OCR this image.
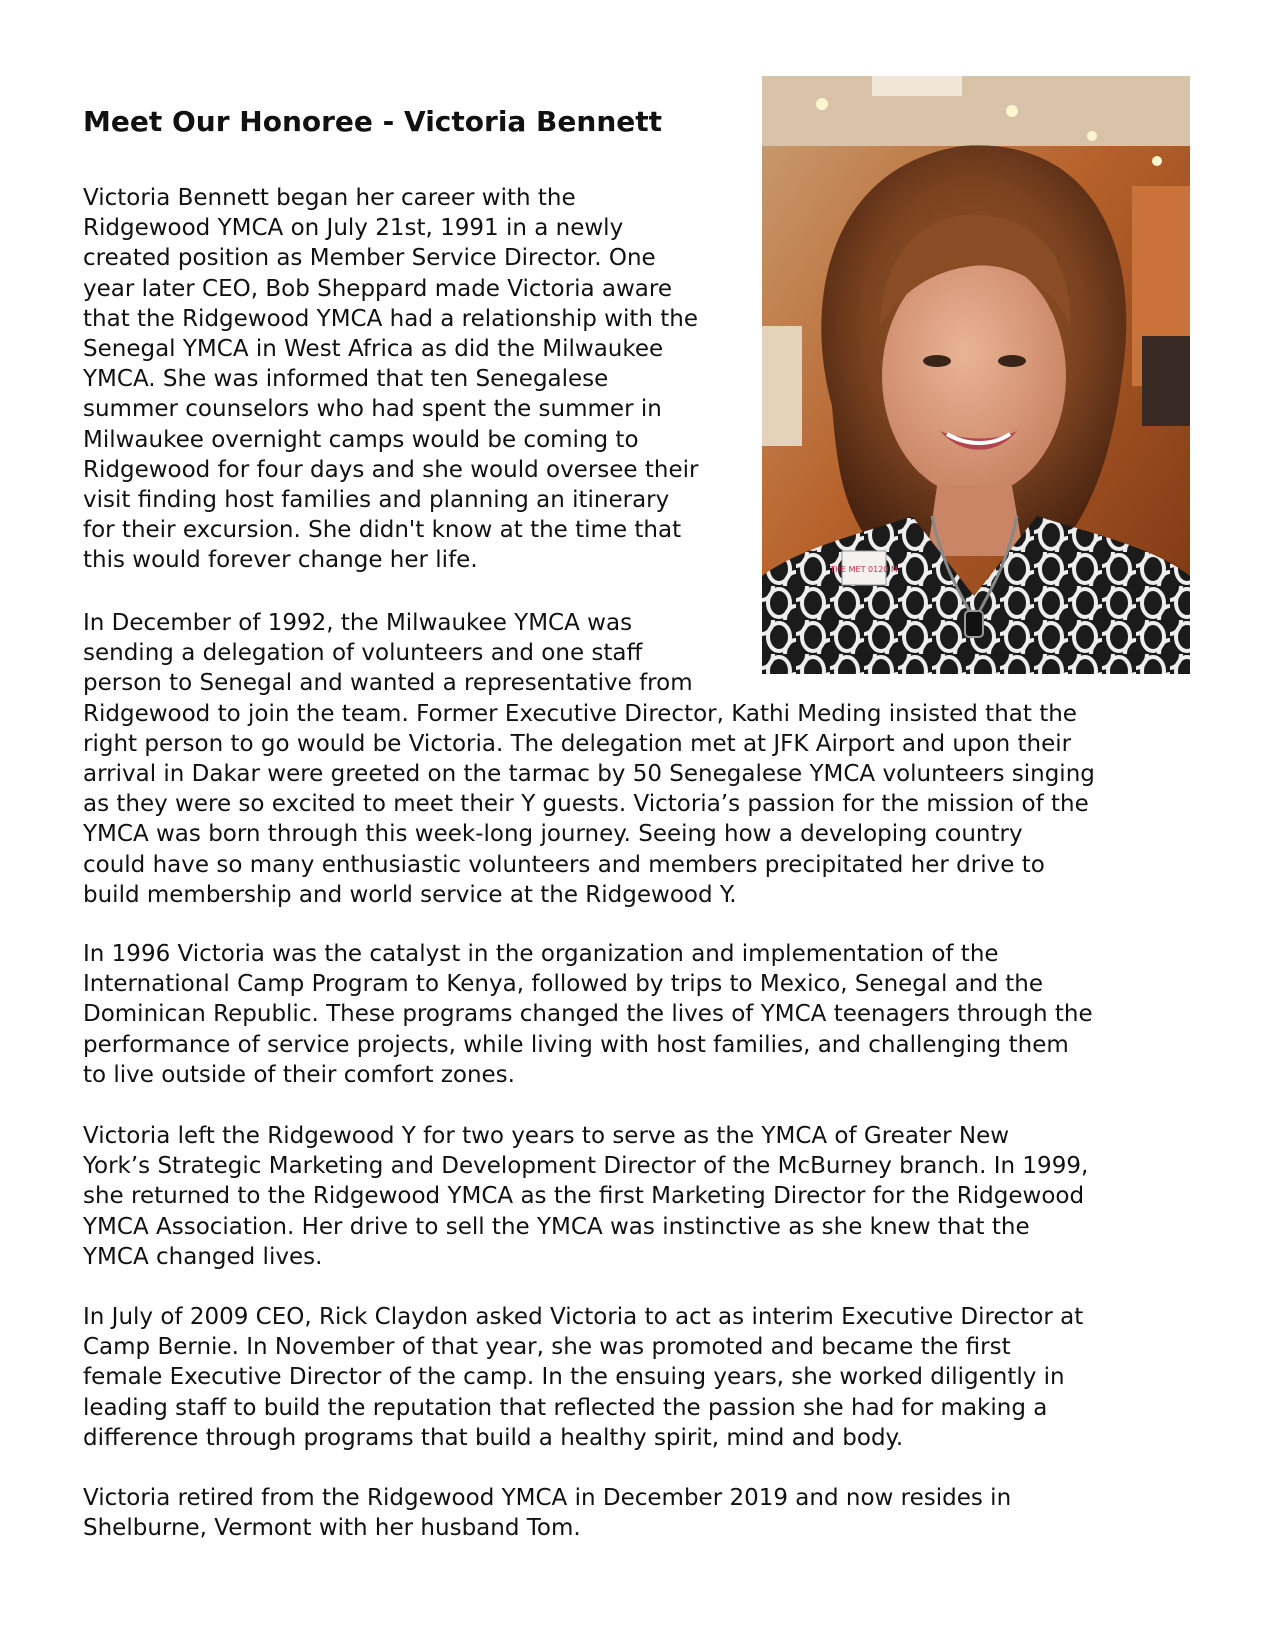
Meet Our Honoree - Victoria Bennett
THE MET 0120 M
Victoria Bennett began her career with the
Ridgewood YMCA on July 21st, 1991 in a newly
created position as Member Service Director. One
year later CEO, Bob Sheppard made Victoria aware
that the Ridgewood YMCA had a relationship with the
Senegal YMCA in West Africa as did the Milwaukee
YMCA. She was informed that ten Senegalese
summer counselors who had spent the summer in
Milwaukee overnight camps would be coming to
Ridgewood for four days and she would oversee their
visit finding host families and planning an itinerary
for their excursion. She didn't know at the time that
this would forever change her life.
In December of 1992, the Milwaukee YMCA was
sending a delegation of volunteers and one staff
person to Senegal and wanted a representative from
Ridgewood to join the team. Former Executive Director, Kathi Meding insisted that the
right person to go would be Victoria. The delegation met at JFK Airport and upon their
arrival in Dakar were greeted on the tarmac by 50 Senegalese YMCA volunteers singing
as they were so excited to meet their Y guests. Victoria’s passion for the mission of the
YMCA was born through this week-long journey. Seeing how a developing country
could have so many enthusiastic volunteers and members precipitated her drive to
build membership and world service at the Ridgewood Y.
In 1996 Victoria was the catalyst in the organization and implementation of the
International Camp Program to Kenya, followed by trips to Mexico, Senegal and the
Dominican Republic. These programs changed the lives of YMCA teenagers through the
performance of service projects, while living with host families, and challenging them
to live outside of their comfort zones.
Victoria left the Ridgewood Y for two years to serve as the YMCA of Greater New
York’s Strategic Marketing and Development Director of the McBurney branch. In 1999,
she returned to the Ridgewood YMCA as the first Marketing Director for the Ridgewood
YMCA Association. Her drive to sell the YMCA was instinctive as she knew that the
YMCA changed lives.
In July of 2009 CEO, Rick Claydon asked Victoria to act as interim Executive Director at
Camp Bernie. In November of that year, she was promoted and became the first
female Executive Director of the camp. In the ensuing years, she worked diligently in
leading staff to build the reputation that reflected the passion she had for making a
difference through programs that build a healthy spirit, mind and body.
Victoria retired from the Ridgewood YMCA in December 2019 and now resides in
Shelburne, Vermont with her husband Tom.
